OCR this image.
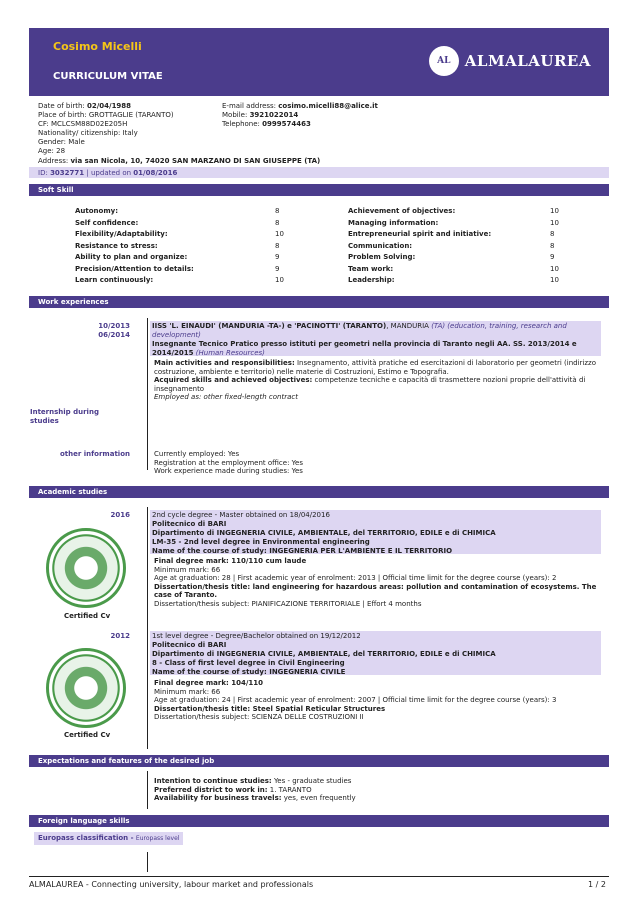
Cosimo Micelli
CURRICULUM VITAE
AL ALMALAUREA
Date of birth: 02/04/1988
Place of birth: GROTTAGLIE (TARANTO)
CF: MCLCSM88D02E205H
Nationality/ citizenship: Italy
Gender: Male
Age: 28
E-mail address: cosimo.micelli88@alice.it
Mobile: 3921022014
Telephone: 0999574463
Address: via san Nicola, 10, 74020 SAN MARZANO DI SAN GIUSEPPE (TA)
ID: 3032771 | updated on 01/08/2016
Soft Skill
Autonomy:	8	Achievement of objectives:	10
Self confidence:	8	Managing information:	10
Flexibility/Adaptability:	10	Entrepreneurial spirit and initiative:	8
Resistance to stress:	8	Communication:	8
Ability to plan and organize:	9	Problem Solving:	9
Precision/Attention to details:	9	Team work:	10
Learn continuously:	10	Leadership:	10
Work experiences
10/2013
06/2014
IISS 'L. EINAUDI' (MANDURIA -TA-) e 'PACINOTTI' (TARANTO), MANDURIA (TA) (education, training, research and development)
Insegnante Tecnico Pratico presso istituti per geometri nella provincia di Taranto negli AA. SS. 2013/2014 e 2014/2015 (Human Resources)
Main activities and responsibilities: Insegnamento, attività pratiche ed esercitazioni di laboratorio per geometri (indirizzo costruzione, ambiente e territorio) nelle materie di Costruzioni, Estimo e Topografia.
Acquired skills and achieved objectives: competenze tecniche e capacità di trasmettere nozioni proprie dell'attività di insegnamento
Employed as: other fixed-length contract
Internship during studies
other information	Currently employed: Yes
Registration at the employment office: Yes
Work experience made during studies: Yes
Academic studies
2016
Certified Cv
2nd cycle degree - Master obtained on 18/04/2016
Politecnico di BARI
Dipartimento di INGEGNERIA CIVILE, AMBIENTALE, del TERRITORIO, EDILE e di CHIMICA
LM-35 - 2nd level degree in Environmental engineering
Name of the course of study: INGEGNERIA PER L'AMBIENTE E IL TERRITORIO
Final degree mark: 110/110 cum laude
Minimum mark: 66
Age at graduation: 28 | First academic year of enrolment: 2013 | Official time limit for the degree course (years): 2
Dissertation/thesis title: land engineering for hazardous areas: pollution and contamination of ecosystems. The case of Taranto.
Dissertation/thesis subject: PIANIFICAZIONE TERRITORIALE | Effort 4 months
2012
Certified Cv
1st level degree - Degree/Bachelor obtained on 19/12/2012
Politecnico di BARI
Dipartimento di INGEGNERIA CIVILE, AMBIENTALE, del TERRITORIO, EDILE e di CHIMICA
8 - Class of first level degree in Civil Engineering
Name of the course of study: INGEGNERIA CIVILE
Final degree mark: 104/110
Minimum mark: 66
Age at graduation: 24 | First academic year of enrolment: 2007 | Official time limit for the degree course (years): 3
Dissertation/thesis title: Steel Spatial Reticular Structures
Dissertation/thesis subject: SCIENZA DELLE COSTRUZIONI II
Expectations and features of the desired job
Intention to continue studies: Yes - graduate studies
Preferred district to work in: 1. TARANTO
Availability for business travels: yes, even frequently
Foreign language skills
Europass classification - Europass level
ALMALAUREA - Connecting university, labour market and professionals	1 / 2
